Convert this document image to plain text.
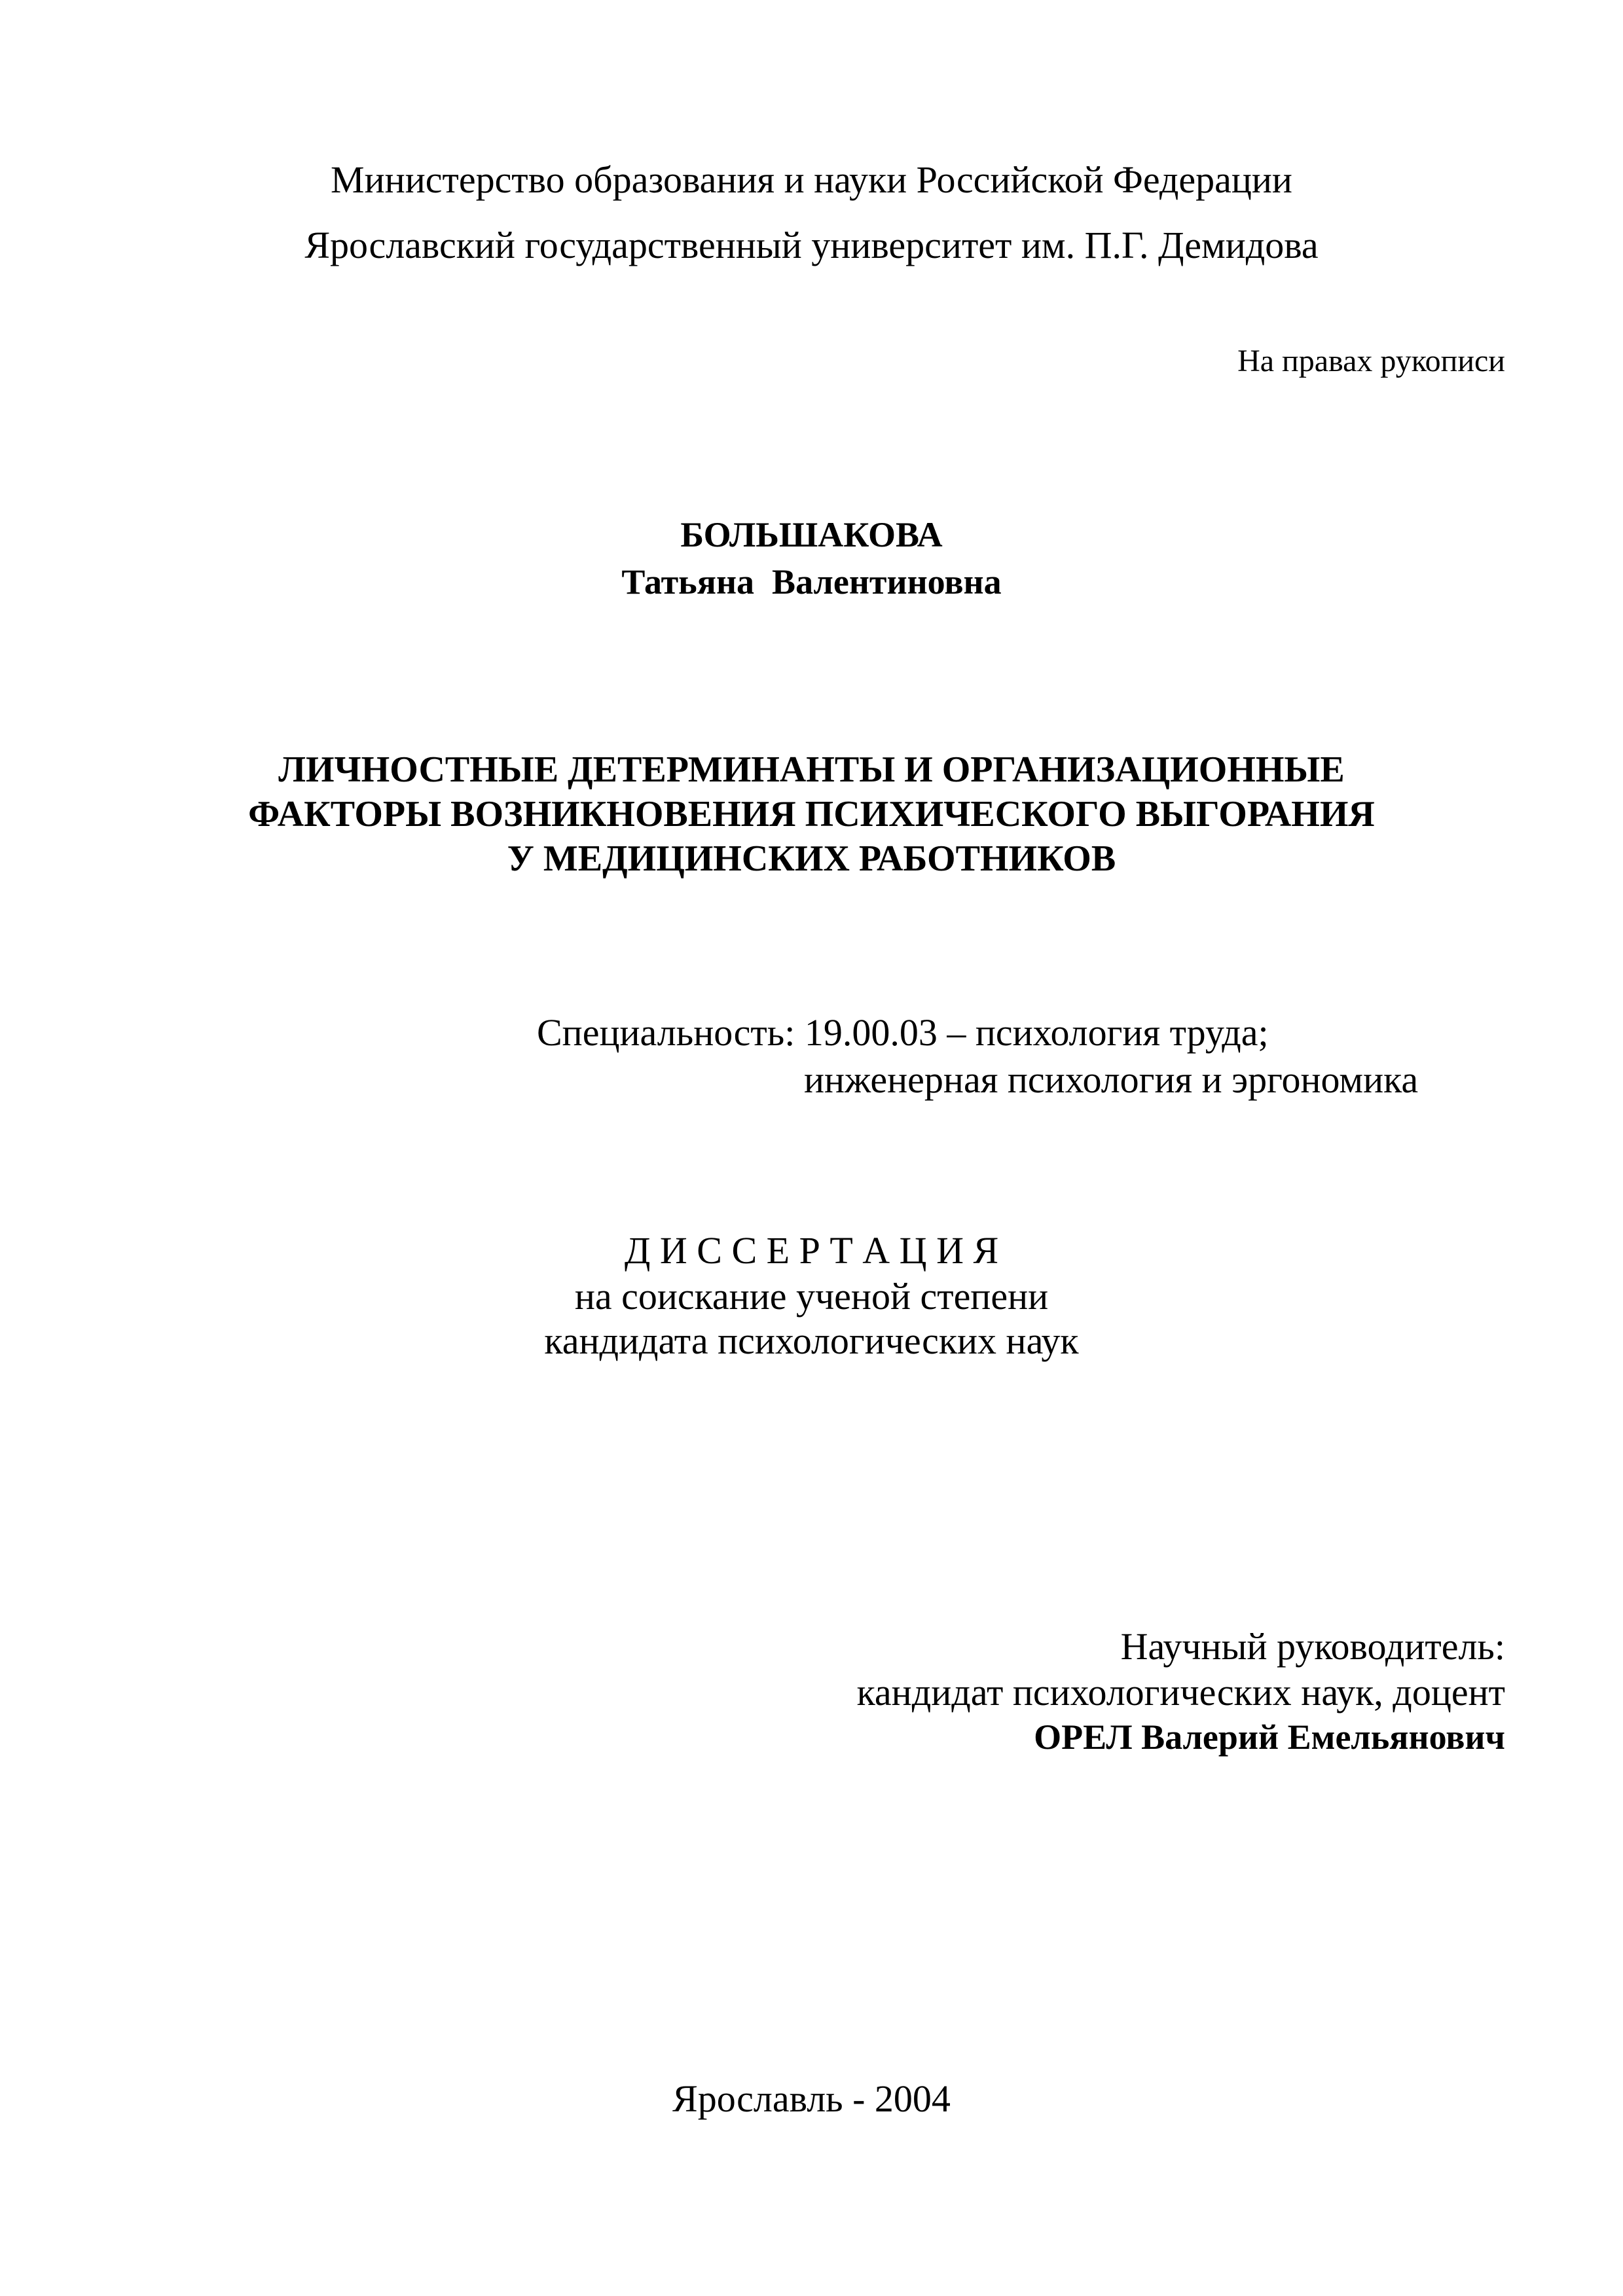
Министерство образования и науки Российской Федерации
Ярославский государственный университет им. П.Г. Демидова
На правах рукописи
БОЛЬШАКОВА
Татьяна  Валентиновна
ЛИЧНОСТНЫЕ ДЕТЕРМИНАНТЫ И ОРГАНИЗАЦИОННЫЕ
ФАКТОРЫ ВОЗНИКНОВЕНИЯ ПСИХИЧЕСКОГО ВЫГОРАНИЯ
У МЕДИЦИНСКИХ РАБОТНИКОВ
Специальность: 19.00.03 – психология труда;
инженерная психология и эргономика
Д И С С Е Р Т А Ц И Я
на соискание ученой степени
кандидата психологических наук
Научный руководитель:
кандидат психологических наук, доцент
ОРЕЛ Валерий Емельянович
Ярославль - 2004
